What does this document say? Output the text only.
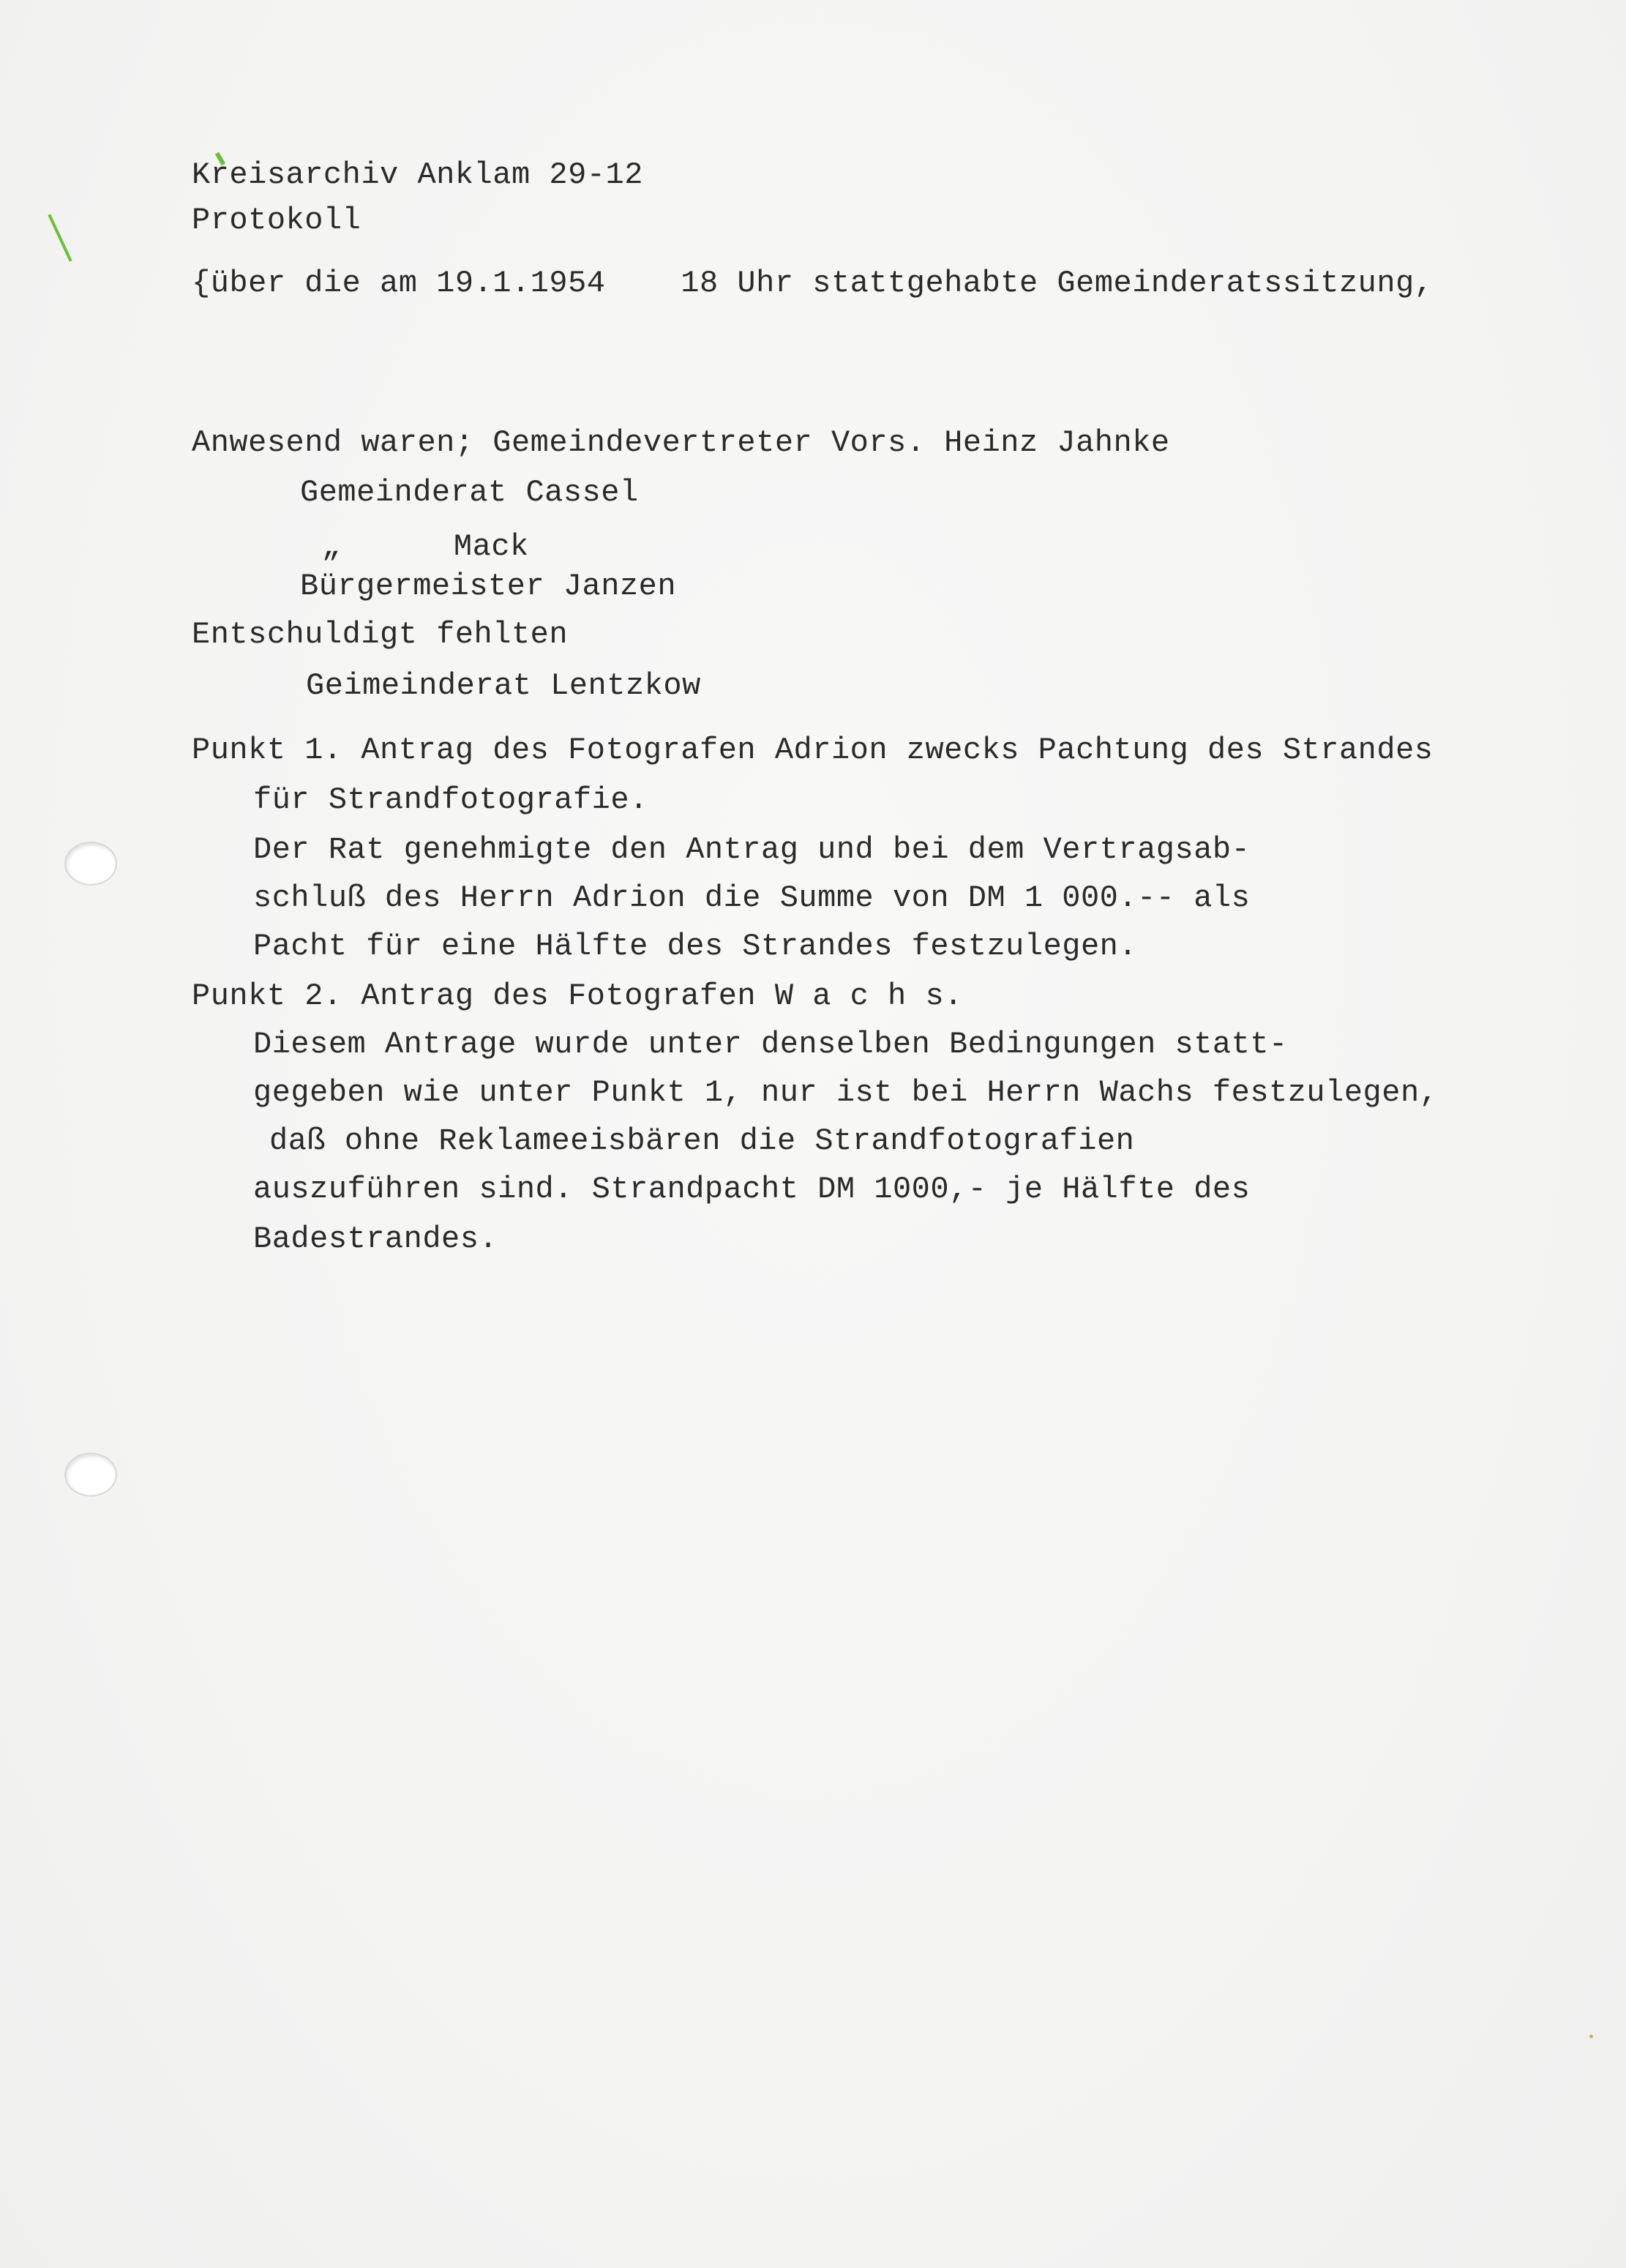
Kreisarchiv Anklam 29-12
Protokoll
{über die am 19.1.1954    18 Uhr stattgehabte Gemeinderatssitzung,
Anwesend waren; Gemeindevertreter Vors. Heinz Jahnke
Gemeinderat Cassel
„      Mack
Bürgermeister Janzen
Entschuldigt fehlten
Geimeinderat Lentzkow
Punkt 1. Antrag des Fotografen Adrion zwecks Pachtung des Strandes
für Strandfotografie.
Der Rat genehmigte den Antrag und bei dem Vertragsab-
schluß des Herrn Adrion die Summe von DM 1 000.-- als
Pacht für eine Hälfte des Strandes festzulegen.
Punkt 2. Antrag des Fotografen W a c h s.
Diesem Antrage wurde unter denselben Bedingungen statt-
gegeben wie unter Punkt 1, nur ist bei Herrn Wachs festzulegen,
daß ohne Reklameeisbären die Strandfotografien
auszuführen sind. Strandpacht DM 1000,- je Hälfte des
Badestrandes.
